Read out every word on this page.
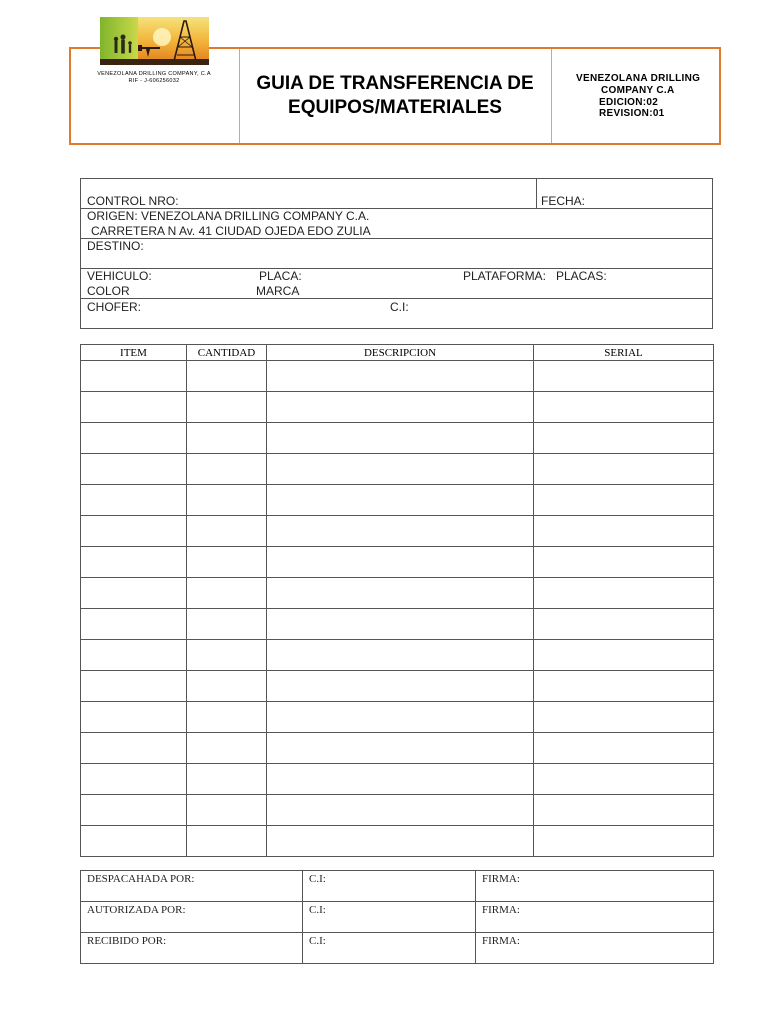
VENEZOLANA DRILLING COMPANY, C.A
RIF - J-606256032	GUIA DE TRANSFERENCIA DE
EQUIPOS/MATERIALES
VENEZOLANA DRILLING
COMPANY C.A
EDICION:02
REVISION:01
CONTROL NRO:	FECHA:
ORIGEN: VENEZOLANA DRILLING COMPANY C.A.
CARRETERA N Av. 41 CIUDAD OJEDA EDO ZULIA
DESTINO:
VEHICULO:	PLACA:	PLATAFORMA: PLACAS:
COLOR	MARCA
CHOFER:	C.I:
ITEM	CANTIDAD	DESCRIPCION	SERIAL

DESPACAHADA POR:	C.I:	FIRMA:
AUTORIZADA POR:	C.I:	FIRMA:
RECIBIDO POR:	C.I:	FIRMA:
